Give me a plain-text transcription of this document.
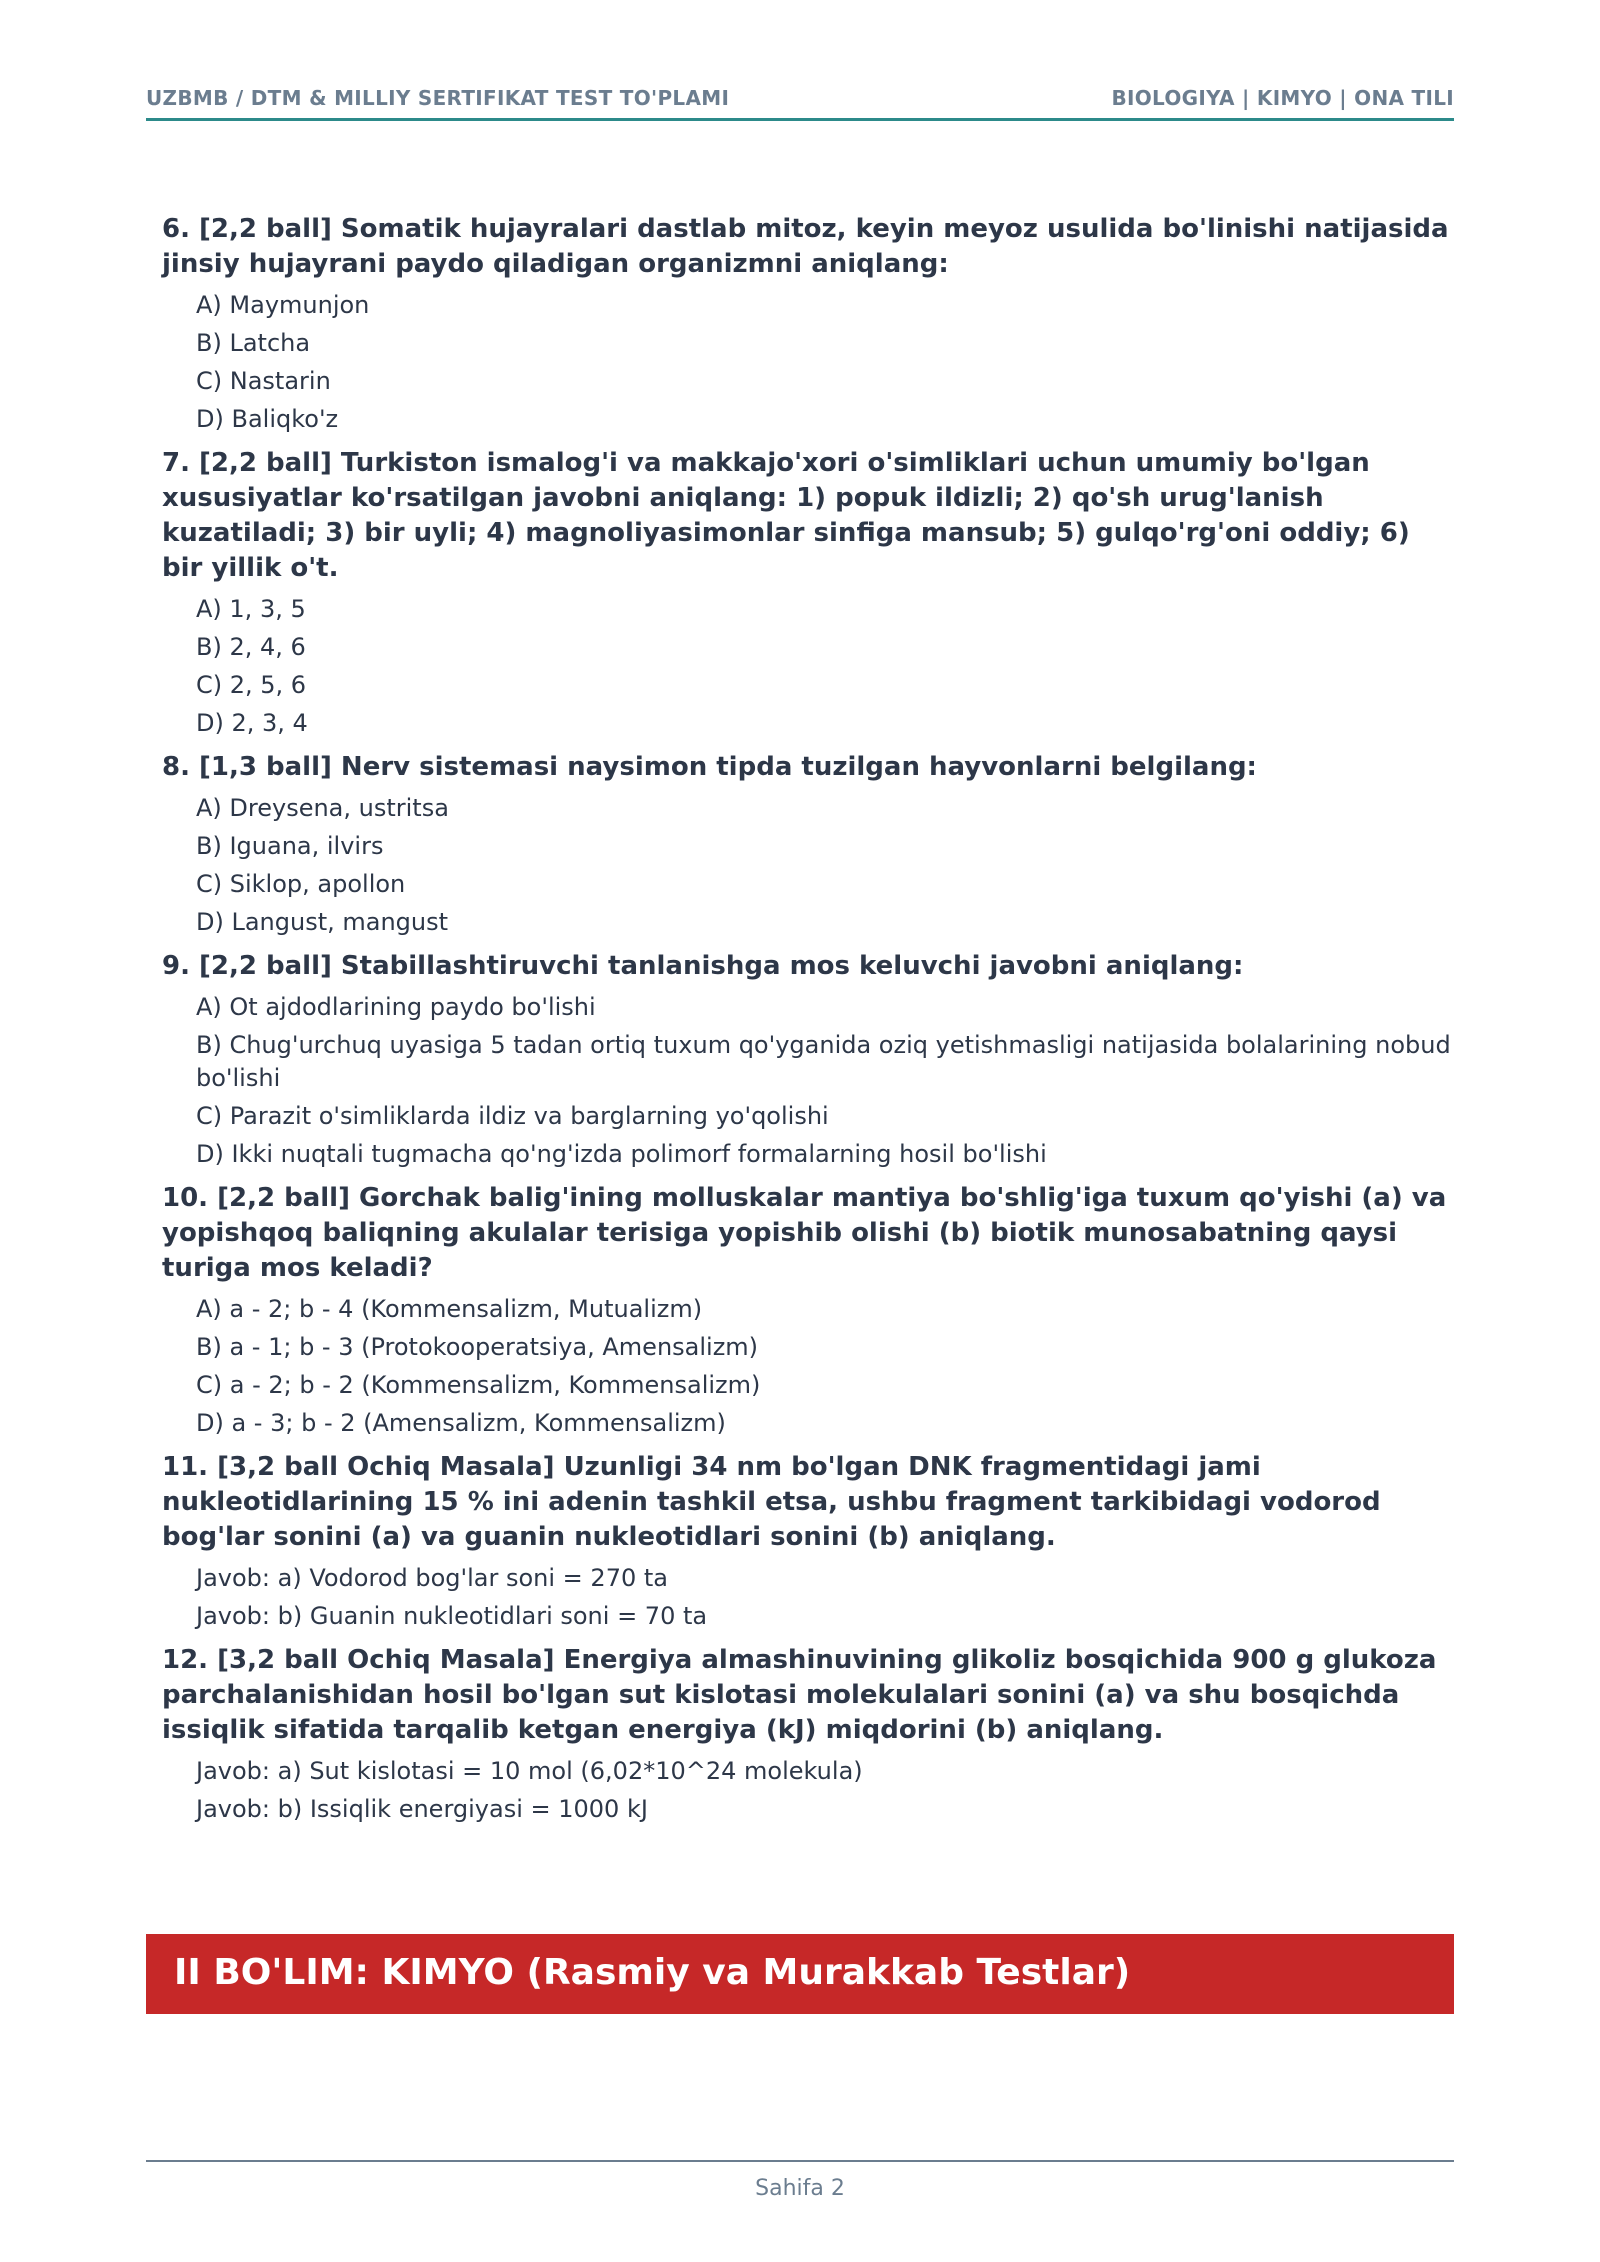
UZBMB / DTM & MILLIY SERTIFIKAT TEST TO'PLAMI	BIOLOGIYA | KIMYO | ONA TILI
6. [2,2 ball] Somatik hujayralari dastlab mitoz, keyin meyoz usulida bo'linishi natijasida jinsiy hujayrani paydo qiladigan organizmni aniqlang:
A) Maymunjon
B) Latcha
C) Nastarin
D) Baliqko'z
7. [2,2 ball] Turkiston ismalog'i va makkajo'xori o'simliklari uchun umumiy bo'lgan xususiyatlar ko'rsatilgan javobni aniqlang: 1) popuk ildizli; 2) qo'sh urug'lanish kuzatiladi; 3) bir uyli; 4) magnoliyasimonlar sinfiga mansub; 5) gulqo'rg'oni oddiy; 6) bir yillik o't.
A) 1, 3, 5
B) 2, 4, 6
C) 2, 5, 6
D) 2, 3, 4
8. [1,3 ball] Nerv sistemasi naysimon tipda tuzilgan hayvonlarni belgilang:
A) Dreysena, ustritsa
B) Iguana, ilvirs
C) Siklop, apollon
D) Langust, mangust
9. [2,2 ball] Stabillashtiruvchi tanlanishga mos keluvchi javobni aniqlang:
A) Ot ajdodlarining paydo bo'lishi
B) Chug'urchuq uyasiga 5 tadan ortiq tuxum qo'yganida oziq yetishmasligi natijasida bolalarining nobud bo'lishi
C) Parazit o'simliklarda ildiz va barglarning yo'qolishi
D) Ikki nuqtali tugmacha qo'ng'izda polimorf formalarning hosil bo'lishi
10. [2,2 ball] Gorchak balig'ining molluskalar mantiya bo'shlig'iga tuxum qo'yishi (a) va yopishqoq baliqning akulalar terisiga yopishib olishi (b) biotik munosabatning qaysi turiga mos keladi?
A) a - 2; b - 4 (Kommensalizm, Mutualizm)
B) a - 1; b - 3 (Protokooperatsiya, Amensalizm)
C) a - 2; b - 2 (Kommensalizm, Kommensalizm)
D) a - 3; b - 2 (Amensalizm, Kommensalizm)
11. [3,2 ball Ochiq Masala] Uzunligi 34 nm bo'lgan DNK fragmentidagi jami nukleotidlarining 15 % ini adenin tashkil etsa, ushbu fragment tarkibidagi vodorod bog'lar sonini (a) va guanin nukleotidlari sonini (b) aniqlang.
Javob: a) Vodorod bog'lar soni = 270 ta
Javob: b) Guanin nukleotidlari soni = 70 ta
12. [3,2 ball Ochiq Masala] Energiya almashinuvining glikoliz bosqichida 900 g glukoza parchalanishidan hosil bo'lgan sut kislotasi molekulalari sonini (a) va shu bosqichda issiqlik sifatida tarqalib ketgan energiya (kJ) miqdorini (b) aniqlang.
Javob: a) Sut kislotasi = 10 mol (6,02*10^24 molekula)
Javob: b) Issiqlik energiyasi = 1000 kJ
II BO'LIM: KIMYO (Rasmiy va Murakkab Testlar)
Sahifa 2
